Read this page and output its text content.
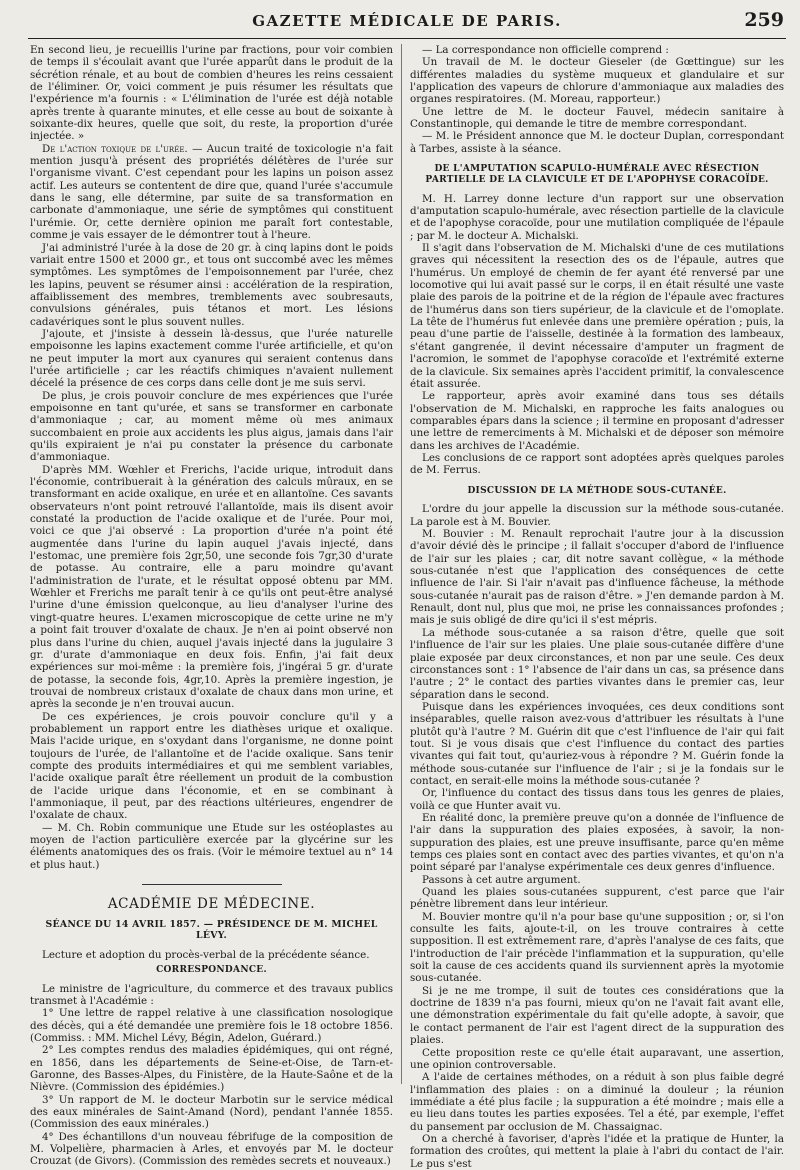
GAZETTE MÉDICALE DE PARIS.	259

En second lieu, je recueillis l'urine par fractions, pour voir combien de temps il s'écoulait avant que l'urée apparût dans le produit de la sécrétion rénale, et au bout de combien d'heures les reins cessaient de l'éliminer. Or, voici comment je puis résumer les résultats que l'expérience m'a fournis : « L'élimination de l'urée est déjà notable après trente à quarante minutes, et elle cesse au bout de soixante à soixante-dix heures, quelle que soit, du reste, la proportion d'urée injectée. »

De l'action toxique de l'urée. — Aucun traité de toxicologie n'a fait mention jusqu'à présent des propriétés délétères de l'urée sur l'organisme vivant. C'est cependant pour les lapins un poison assez actif. Les auteurs se contentent de dire que, quand l'urée s'accumule dans le sang, elle détermine, par suite de sa transformation en carbonate d'ammoniaque, une série de symptômes qui constituent l'urémie. Or, cette dernière opinion me paraît fort contestable, comme je vais essayer de le démontrer tout à l'heure.

J'ai administré l'urée à la dose de 20 gr. à cinq lapins dont le poids variait entre 1500 et 2000 gr., et tous ont succombé avec les mêmes symptômes. Les symptômes de l'empoisonnement par l'urée, chez les lapins, peuvent se résumer ainsi : accélération de la respiration, affaiblissement des membres, tremblements avec soubresauts, convulsions générales, puis tétanos et mort. Les lésions cadavériques sont le plus souvent nulles.

J'ajoute, et j'insiste à dessein là-dessus, que l'urée naturelle empoisonne les lapins exactement comme l'urée artificielle, et qu'on ne peut imputer la mort aux cyanures qui seraient contenus dans l'urée artificielle ; car les réactifs chimiques n'avaient nullement décelé la présence de ces corps dans celle dont je me suis servi.

De plus, je crois pouvoir conclure de mes expériences que l'urée empoisonne en tant qu'urée, et sans se transformer en carbonate d'ammoniaque ; car, au moment même où mes animaux succombaient en proie aux accidents les plus aigus, jamais dans l'air qu'ils expiraient je n'ai pu constater la présence du carbonate d'ammoniaque.

D'après MM. Wœhler et Frerichs, l'acide urique, introduit dans l'économie, contribuerait à la génération des calculs mûraux, en se transformant en acide oxalique, en urée et en allantoïne. Ces savants observateurs n'ont point retrouvé l'allantoïde, mais ils disent avoir constaté la production de l'acide oxalique et de l'urée. Pour moi, voici ce que j'ai observé : La proportion d'urée n'a point été augmentée dans l'urine du lapin auquel j'avais injecté, dans l'estomac, une première fois 2gr,50, une seconde fois 7gr,30 d'urate de potasse. Au contraire, elle a paru moindre qu'avant l'administration de l'urate, et le résultat opposé obtenu par MM. Wœhler et Frerichs me paraît tenir à ce qu'ils ont peut-être analysé l'urine d'une émission quelconque, au lieu d'analyser l'urine des vingt-quatre heures. L'examen microscopique de cette urine ne m'y a point fait trouver d'oxalate de chaux. Je n'en ai point observé non plus dans l'urine du chien, auquel j'avais injecté dans la jugulaire 3 gr. d'urate d'ammoniaque en deux fois. Enfin, j'ai fait deux expériences sur moi-même : la première fois, j'ingérai 5 gr. d'urate de potasse, la seconde fois, 4gr,10. Après la première ingestion, je trouvai de nombreux cristaux d'oxalate de chaux dans mon urine, et après la seconde je n'en trouvai aucun.

De ces expériences, je crois pouvoir conclure qu'il y a probablement un rapport entre les diathèses urique et oxalique. Mais l'acide urique, en s'oxydant dans l'organisme, ne donne point toujours de l'urée, de l'allantoïne et de l'acide oxalique. Sans tenir compte des produits intermédiaires et qui me semblent variables, l'acide oxalique paraît être réellement un produit de la combustion de l'acide urique dans l'économie, et en se combinant à l'ammoniaque, il peut, par des réactions ultérieures, engendrer de l'oxalate de chaux.

— M. Ch. Robin communique une Etude sur les ostéoplastes au moyen de l'action particulière exercée par la glycérine sur les éléments anatomiques des os frais. (Voir le mémoire textuel au n° 14 et plus haut.)

ACADÉMIE DE MÉDECINE.
SÉANCE DU 14 AVRIL 1857. — PRÉSIDENCE DE M. MICHEL LÉVY.

Lecture et adoption du procès-verbal de la précédente séance.

CORRESPONDANCE.

Le ministre de l'agriculture, du commerce et des travaux publics transmet à l'Académie :

1° Une lettre de rappel relative à une classification nosologique des décès, qui a été demandée une première fois le 18 octobre 1856. (Commiss. : MM. Michel Lévy, Bégin, Adelon, Guérard.)

2° Les comptes rendus des maladies épidémiques, qui ont régné, en 1856, dans les départements de Seine-et-Oise, de Tarn-et-Garonne, des Basses-Alpes, du Finistère, de la Haute-Saône et de la Nièvre. (Commission des épidémies.)

3° Un rapport de M. le docteur Marbotin sur le service médical des eaux minérales de Saint-Amand (Nord), pendant l'année 1855. (Commission des eaux minérales.)

4° Des échantillons d'un nouveau fébrifuge de la composition de M. Volpelière, pharmacien à Arles, et envoyés par M. le docteur Crouzat (de Givors). (Commission des remèdes secrets et nouveaux.)

— La correspondance non officielle comprend :

Un travail de M. le docteur Gieseler (de Gœttingue) sur les différentes maladies du système muqueux et glandulaire et sur l'application des vapeurs de chlorure d'ammoniaque aux maladies des organes respiratoires. (M. Moreau, rapporteur.)

Une lettre de M. le docteur Fauvel, médecin sanitaire à Constantinople, qui demande le titre de membre correspondant.

— M. le Président annonce que M. le docteur Duplan, correspondant à Tarbes, assiste à la séance.

DE L'AMPUTATION SCAPULO-HUMÉRALE AVEC RÉSECTION PARTIELLE DE LA CLAVICULE ET DE L'APOPHYSE CORACOÏDE.

M. H. Larrey donne lecture d'un rapport sur une observation d'amputation scapulo-humérale, avec résection partielle de la clavicule et de l'apophyse coracoïde, pour une mutilation compliquée de l'épaule ; par M. le docteur A. Michalski.

Il s'agit dans l'observation de M. Michalski d'une de ces mutilations graves qui nécessitent la resection des os de l'épaule, autres que l'humérus. Un employé de chemin de fer ayant été renversé par une locomotive qui lui avait passé sur le corps, il en était résulté une vaste plaie des parois de la poitrine et de la région de l'épaule avec fractures de l'humérus dans son tiers supérieur, de la clavicule et de l'omoplate. La tête de l'humérus fut enlevée dans une première opération ; puis, la peau d'une partie de l'aisselle, destinée à la formation des lambeaux, s'étant gangrenée, il devint nécessaire d'amputer un fragment de l'acromion, le sommet de l'apophyse coracoïde et l'extrémité externe de la clavicule. Six semaines après l'accident primitif, la convalescence était assurée.

Le rapporteur, après avoir examiné dans tous ses détails l'observation de M. Michalski, en rapproche les faits analogues ou comparables épars dans la science ; il termine en proposant d'adresser une lettre de remerciments à M. Michalski et de déposer son mémoire dans les archives de l'Académie.

Les conclusions de ce rapport sont adoptées après quelques paroles de M. Ferrus.

DISCUSSION DE LA MÉTHODE SOUS-CUTANÉE.

L'ordre du jour appelle la discussion sur la méthode sous-cutanée. La parole est à M. Bouvier.

M. Bouvier : M. Renault reprochait l'autre jour à la discussion d'avoir dévié dès le principe ; il fallait s'occuper d'abord de l'influence de l'air sur les plaies ; car, dit notre savant collègue, « la méthode sous-cutanée n'est que l'application des conséquences de cette influence de l'air. Si l'air n'avait pas d'influence fâcheuse, la méthode sous-cutanée n'aurait pas de raison d'être. » J'en demande pardon à M. Renault, dont nul, plus que moi, ne prise les connaissances profondes ; mais je suis obligé de dire qu'ici il s'est mépris.

La méthode sous-cutanée a sa raison d'être, quelle que soit l'influence de l'air sur les plaies. Une plaie sous-cutanée diffère d'une plaie exposée par deux circonstances, et non par une seule. Ces deux circonstances sont : 1° l'absence de l'air dans un cas, sa présence dans l'autre ; 2° le contact des parties vivantes dans le premier cas, leur séparation dans le second.

Puisque dans les expériences invoquées, ces deux conditions sont inséparables, quelle raison avez-vous d'attribuer les résultats à l'une plutôt qu'à l'autre ? M. Guérin dit que c'est l'influence de l'air qui fait tout. Si je vous disais que c'est l'influence du contact des parties vivantes qui fait tout, qu'auriez-vous à répondre ? M. Guérin fonde la méthode sous-cutanée sur l'influence de l'air ; si je la fondais sur le contact, en serait-elle moins la méthode sous-cutanée ?

Or, l'influence du contact des tissus dans tous les genres de plaies, voilà ce que Hunter avait vu.

En réalité donc, la première preuve qu'on a donnée de l'influence de l'air dans la suppuration des plaies exposées, à savoir, la non-suppuration des plaies, est une preuve insuffisante, parce qu'en même temps ces plaies sont en contact avec des parties vivantes, et qu'on n'a point séparé par l'analyse expérimentale ces deux genres d'influence.

Passons à cet autre argument.

Quand les plaies sous-cutanées suppurent, c'est parce que l'air pénètre librement dans leur intérieur.

M. Bouvier montre qu'il n'a pour base qu'une supposition ; or, si l'on consulte les faits, ajoute-t-il, on les trouve contraires à cette supposition. Il est extrêmement rare, d'après l'analyse de ces faits, que l'introduction de l'air précède l'inflammation et la suppuration, qu'elle soit la cause de ces accidents quand ils surviennent après la myotomie sous-cutanée.

Si je ne me trompe, il suit de toutes ces considérations que la doctrine de 1839 n'a pas fourni, mieux qu'on ne l'avait fait avant elle, une démonstration expérimentale du fait qu'elle adopte, à savoir, que le contact permanent de l'air est l'agent direct de la suppuration des plaies.

Cette proposition reste ce qu'elle était auparavant, une assertion, une opinion controversable.

A l'aide de certaines méthodes, on a réduit à son plus faible degré l'inflammation des plaies : on a diminué la douleur ; la réunion immédiate a été plus facile ; la suppuration a été moindre ; mais elle a eu lieu dans toutes les parties exposées. Tel a été, par exemple, l'effet du pansement par occlusion de M. Chassaignac.

On a cherché à favoriser, d'après l'idée et la pratique de Hunter, la formation des croûtes, qui mettent la plaie à l'abri du contact de l'air. Le pus s'est
